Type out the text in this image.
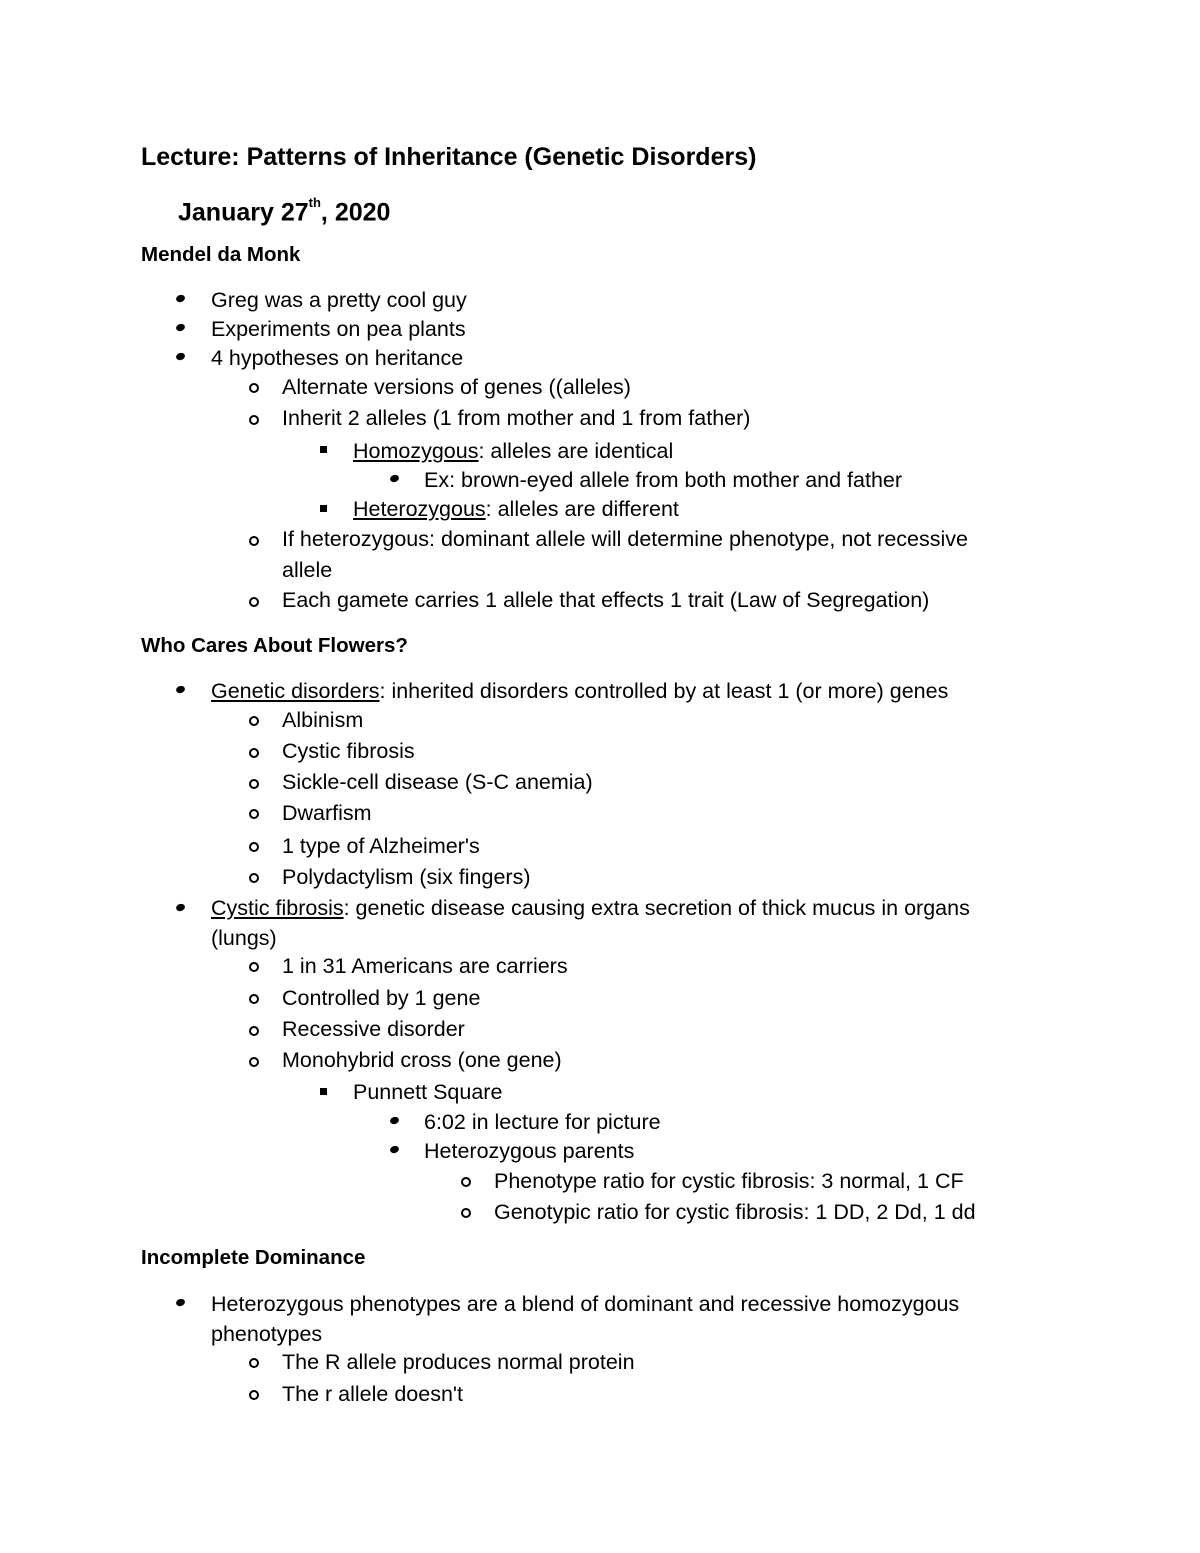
Lecture: Patterns of Inheritance (Genetic Disorders)
January 27th, 2020
Mendel da Monk
Greg was a pretty cool guy
Experiments on pea plants
4 hypotheses on heritance
Alternate versions of genes ((alleles)
Inherit 2 alleles (1 from mother and 1 from father)
Homozygous: alleles are identical
Ex: brown-eyed allele from both mother and father
Heterozygous: alleles are different
If heterozygous: dominant allele will determine phenotype, not recessive
allele
Each gamete carries 1 allele that effects 1 trait (Law of Segregation)
Who Cares About Flowers?
Genetic disorders: inherited disorders controlled by at least 1 (or more) genes
Albinism
Cystic fibrosis
Sickle-cell disease (S-C anemia)
Dwarfism
1 type of Alzheimer's
Polydactylism (six fingers)
Cystic fibrosis: genetic disease causing extra secretion of thick mucus in organs
(lungs)
1 in 31 Americans are carriers
Controlled by 1 gene
Recessive disorder
Monohybrid cross (one gene)
Punnett Square
6:02 in lecture for picture
Heterozygous parents
Phenotype ratio for cystic fibrosis: 3 normal, 1 CF
Genotypic ratio for cystic fibrosis: 1 DD, 2 Dd, 1 dd
Incomplete Dominance
Heterozygous phenotypes are a blend of dominant and recessive homozygous
phenotypes
The R allele produces normal protein
The r allele doesn't
